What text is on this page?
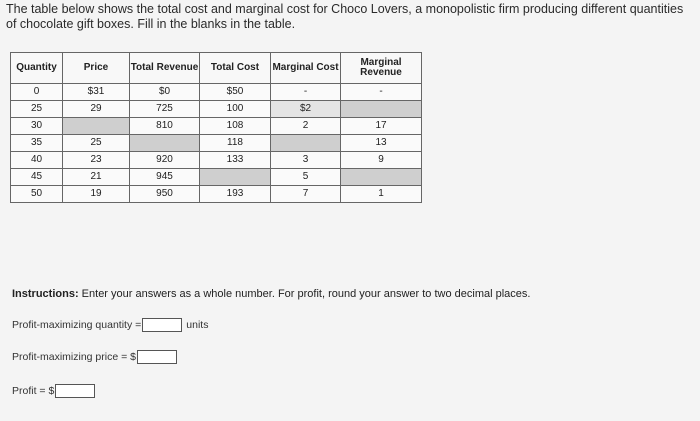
The table below shows the total cost and marginal cost for Choco Lovers, a monopolistic firm producing different quantities of chocolate gift boxes. Fill in the blanks in the table.
Quantity	Price	Total Revenue	Total Cost	Marginal Cost	Marginal Revenue
0	$31	$0	$50	-	-
25	29	725	100	$2	
30		810	108	2	17
35	25		118		13
40	23	920	133	3	9
45	21	945		5	
50	19	950	193	7	1
Instructions: Enter your answers as a whole number. For profit, round your answer to two decimal places.
Profit-maximizing quantity =	units
Profit-maximizing price = $
Profit = $
